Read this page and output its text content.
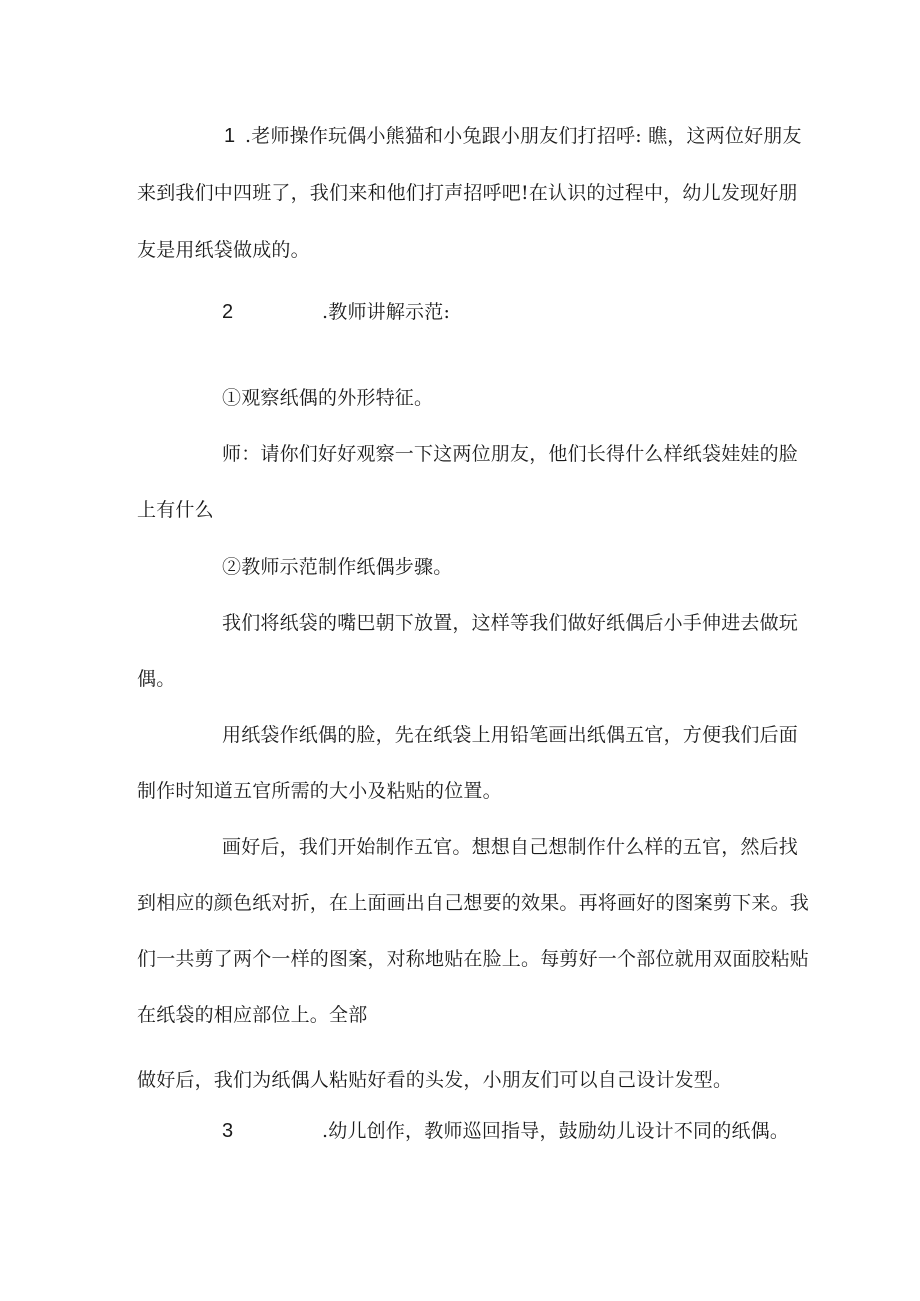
1 .老师操作玩偶小熊猫和小兔跟小朋友们打招呼: 瞧，这两位好朋友
来到我们中四班了，我们来和他们打声招呼吧!在认识的过程中，幼儿发现好朋
友是用纸袋做成的。
2	.教师讲解示范:
①观察纸偶的外形特征。
师：请你们好好观察一下这两位朋友，他们长得什么样纸袋娃娃的脸
上有什么
②教师示范制作纸偶步骤。
我们将纸袋的嘴巴朝下放置，这样等我们做好纸偶后小手伸进去做玩
偶。
用纸袋作纸偶的脸，先在纸袋上用铅笔画出纸偶五官，方便我们后面
制作时知道五官所需的大小及粘贴的位置。
画好后，我们开始制作五官。想想自己想制作什么样的五官，然后找
到相应的颜色纸对折，在上面画出自己想要的效果。再将画好的图案剪下来。我
们一共剪了两个一样的图案，对称地贴在脸上。每剪好一个部位就用双面胶粘贴
在纸袋的相应部位上。全部
做好后，我们为纸偶人粘贴好看的头发，小朋友们可以自己设计发型。
3	.幼儿创作，教师巡回指导，鼓励幼儿设计不同的纸偶。
